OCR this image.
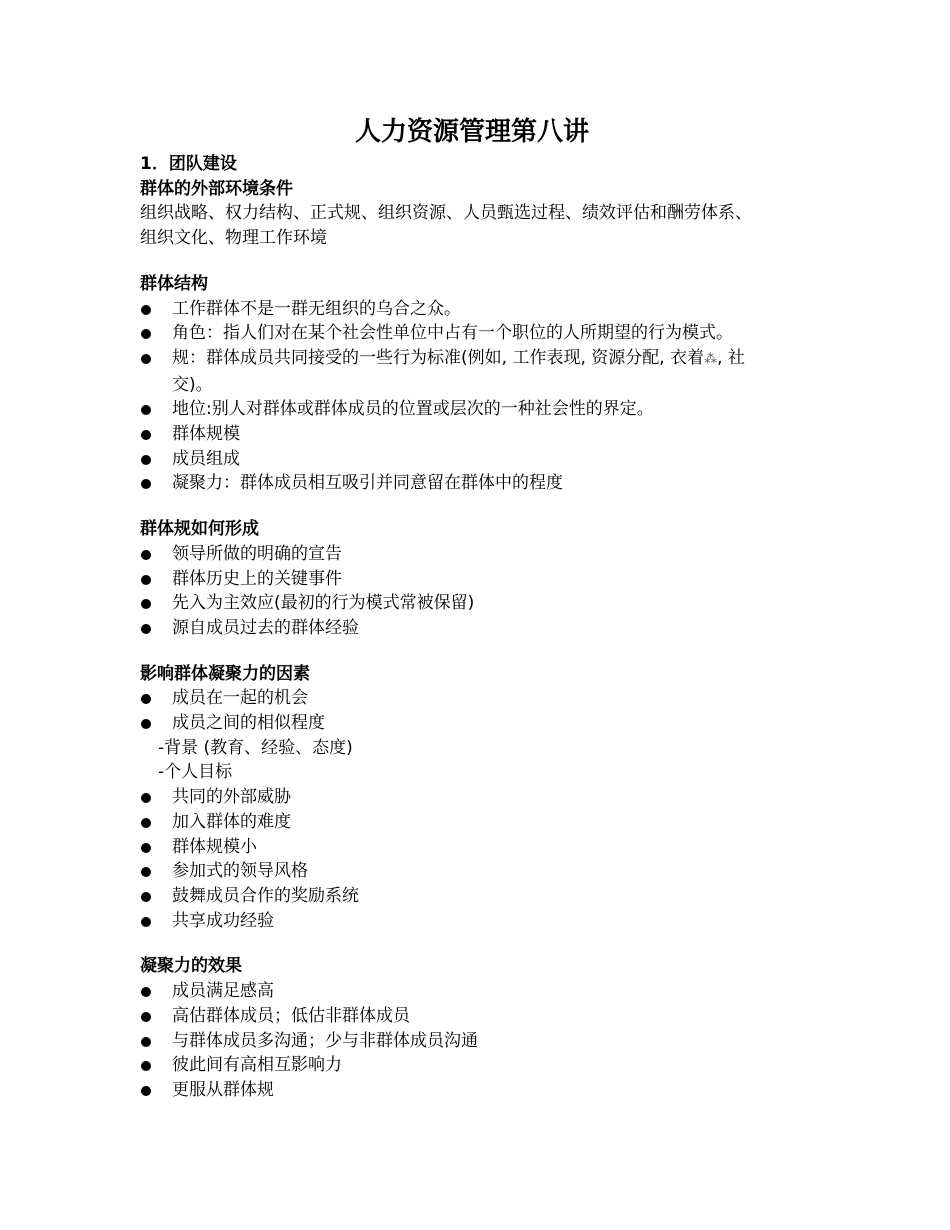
人力资源管理第八讲
1．团队建设
群体的外部环境条件
组织战略、权力结构、正式规、组织资源、人员甄选过程、绩效评估和酬劳体系、
组织文化、物理工作环境
群体结构
工作群体不是一群无组织的乌合之众。
角色：指人们对在某个社会性单位中占有一个职位的人所期望的行为模式。
规：群体成员共同接受的一些行为标准(例如, 工作表现, 资源分配, 衣着⁂, 社
交)。
地位:别人对群体或群体成员的位置或层次的一种社会性的界定。
群体规模
成员组成
凝聚力：群体成员相互吸引并同意留在群体中的程度
群体规如何形成
领导所做的明确的宣告
群体历史上的关键事件
先入为主效应(最初的行为模式常被保留)
源自成员过去的群体经验
影响群体凝聚力的因素
成员在一起的机会
成员之间的相似程度
-背景 (教育、经验、态度)
-个人目标
共同的外部威胁
加入群体的难度
群体规模小
参加式的领导风格
鼓舞成员合作的奖励系统
共享成功经验
凝聚力的效果
成员满足感高
高估群体成员；低估非群体成员
与群体成员多沟通；少与非群体成员沟通
彼此间有高相互影响力
更服从群体规
